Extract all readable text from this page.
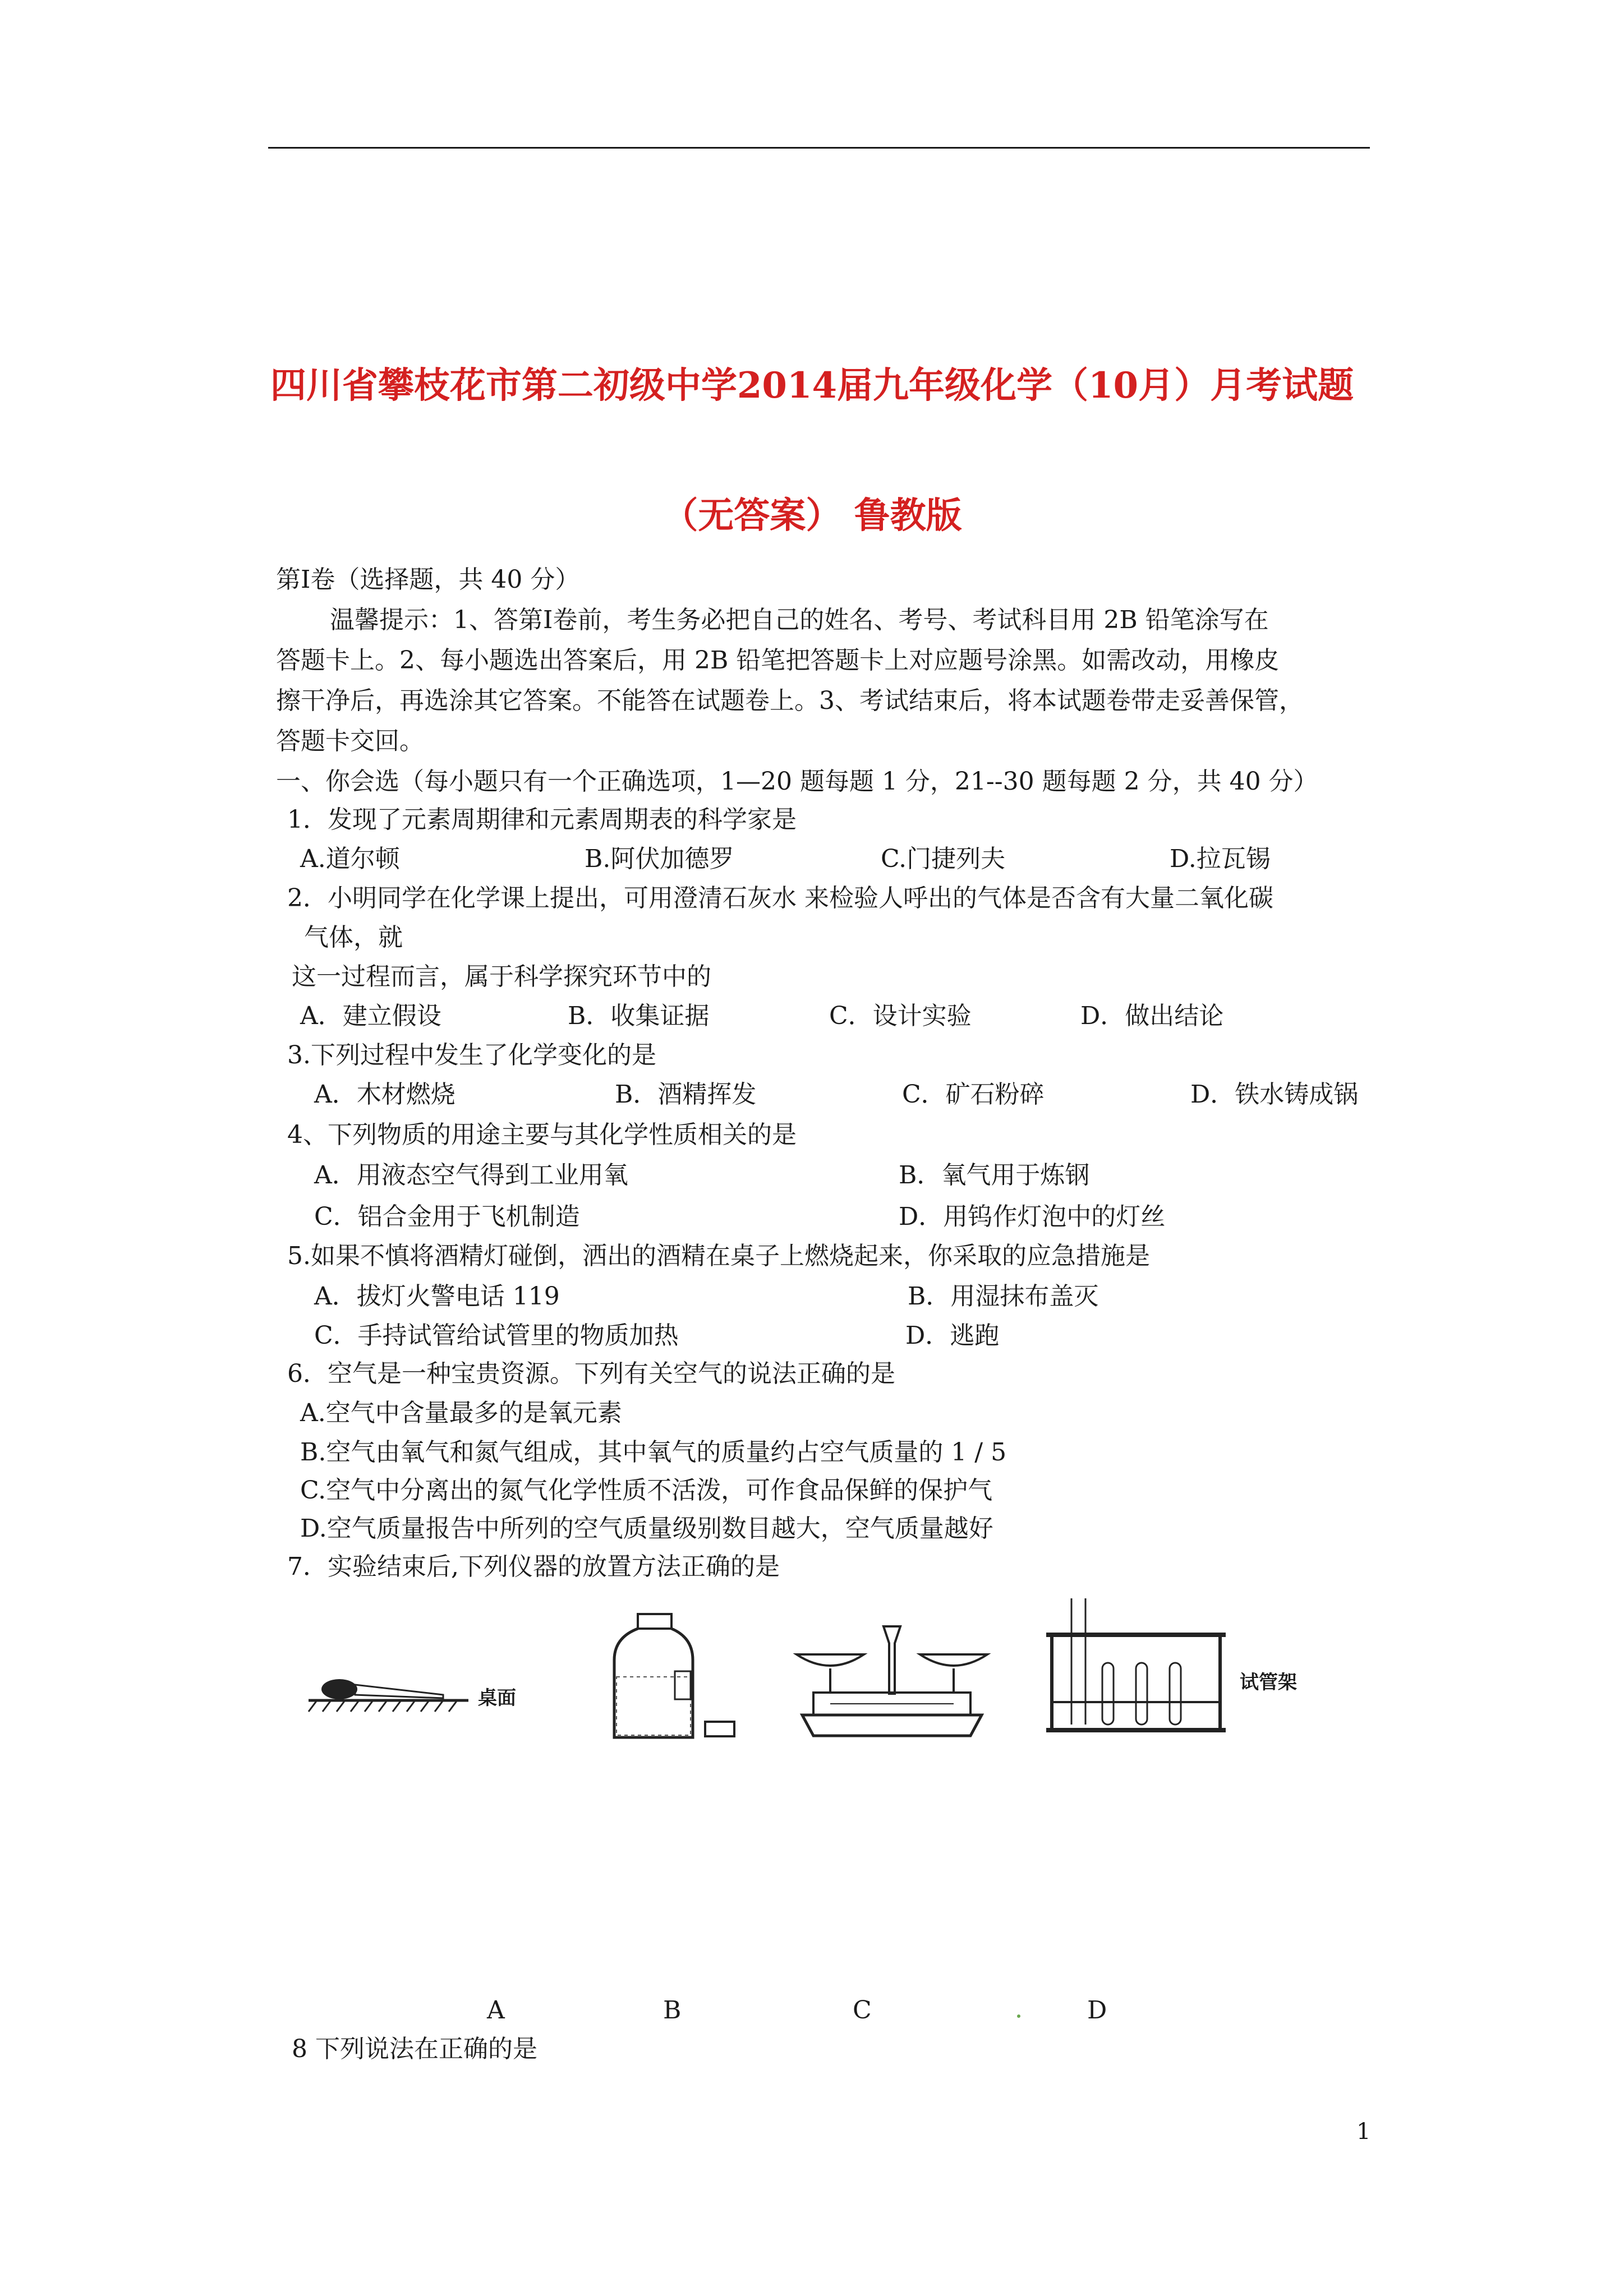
四川省攀枝花市第二初级中学2014届九年级化学（10月）月考试题
（无答案） 鲁教版
第Ⅰ卷（选择题，共 40 分）
温馨提示：1、答第Ⅰ卷前，考生务必把自己的姓名、考号、考试科目用 2B 铅笔涂写在
答题卡上。2、每小题选出答案后，用 2B 铅笔把答题卡上对应题号涂黑。如需改动，用橡皮
擦干净后，再选涂其它答案。不能答在试题卷上。3、考试结束后，将本试题卷带走妥善保管，
答题卡交回。
一、你会选（每小题只有一个正确选项，1—20 题每题 1 分，21--30 题每题 2 分，共 40 分）
1．发现了元素周期律和元素周期表的科学家是
A.道尔顿	B.阿伏加德罗	C.门捷列夫	D.拉瓦锡
2．小明同学在化学课上提出，可用澄清石灰水 来检验人呼出的气体是否含有大量二氧化碳
气体，就
这一过程而言，属于科学探究环节中的
A．建立假设	B．收集证据	C．设计实验	D．做出结论
3.下列过程中发生了化学变化的是
A．木材燃烧	B．酒精挥发	C．矿石粉碎	D．铁水铸成锅
4、下列物质的用途主要与其化学性质相关的是
A．用液态空气得到工业用氧	B．氧气用于炼钢
C．铝合金用于飞机制造	D．用钨作灯泡中的灯丝
5.如果不慎将酒精灯碰倒，洒出的酒精在桌子上燃烧起来，你采取的应急措施是
A．拔灯火警电话 119	B．用湿抹布盖灭
C．手持试管给试管里的物质加热	D．逃跑
6．空气是一种宝贵资源。下列有关空气的说法正确的是
A.空气中含量最多的是氧元素
B.空气由氧气和氮气组成，其中氧气的质量约占空气质量的 1 / 5
C.空气中分离出的氮气化学性质不活泼，可作食品保鲜的保护气
D.空气质量报告中所列的空气质量级别数目越大，空气质量越好
7．实验结束后,下列仪器的放置方法正确的是
桌面
试管架
A	B	C	D
8 下列说法在正确的是
1
